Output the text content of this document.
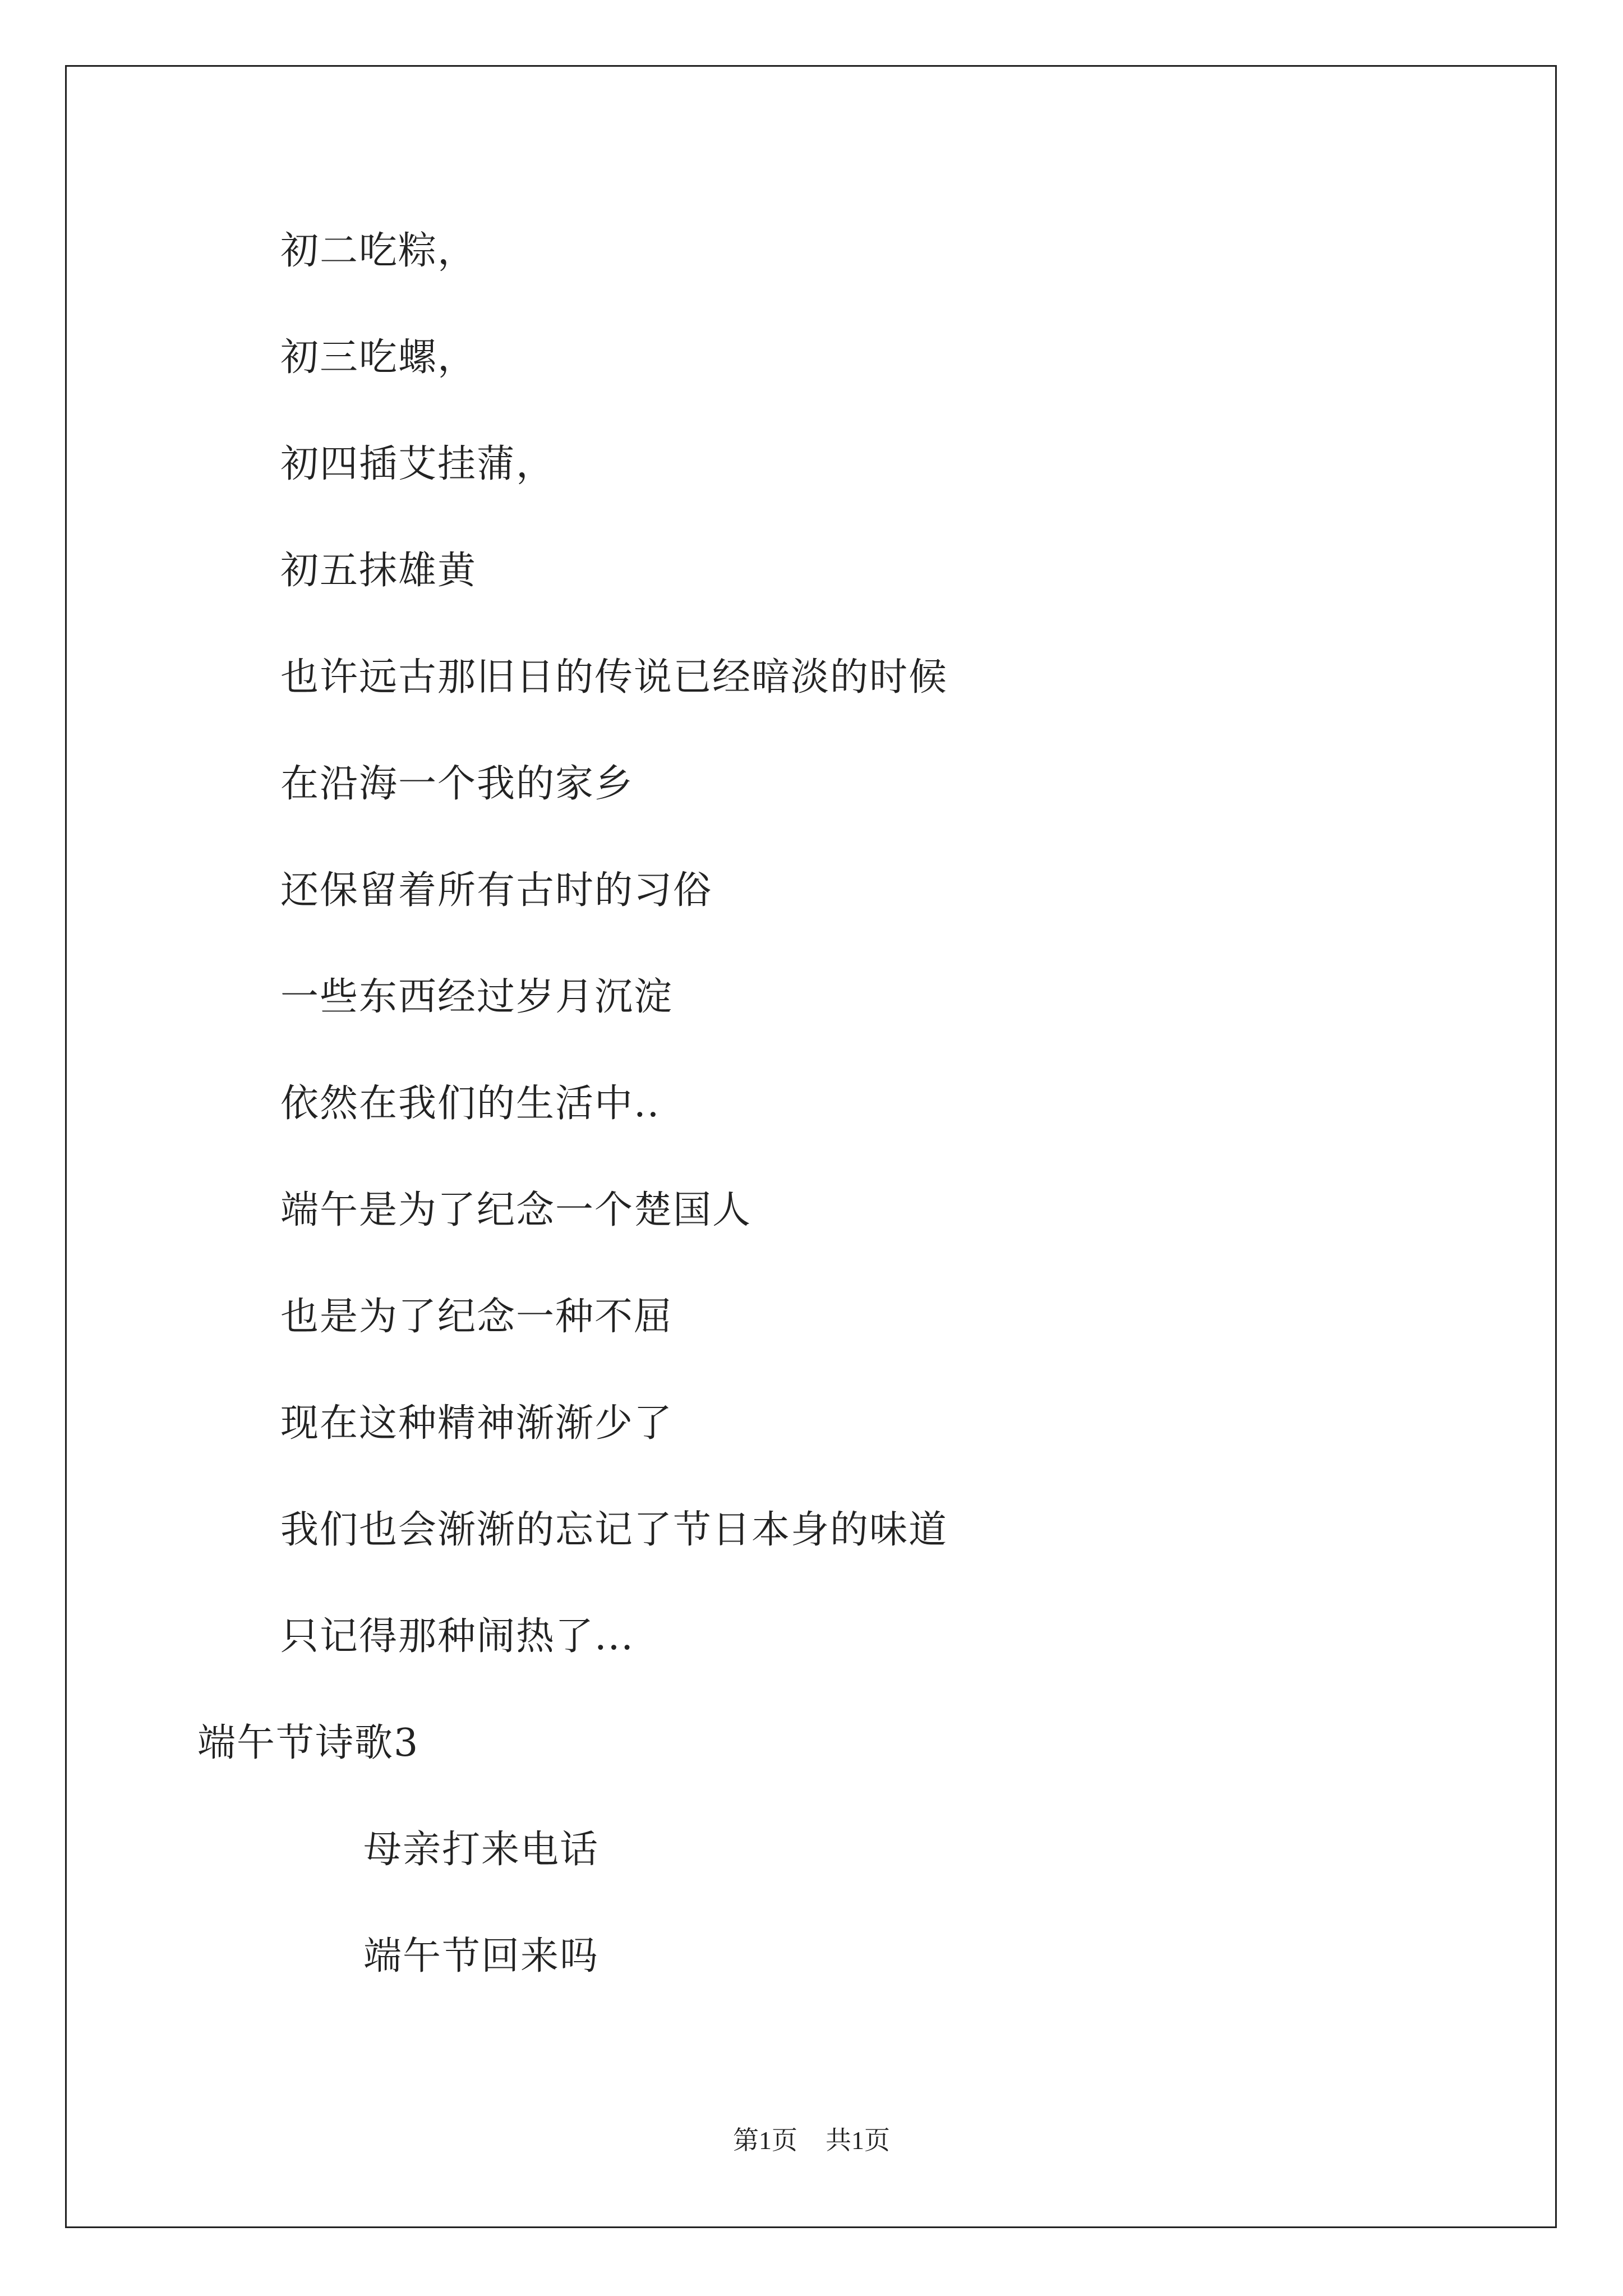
初二吃粽，
初三吃螺，
初四插艾挂蒲，
初五抹雄黄
也许远古那旧日的传说已经暗淡的时候
在沿海一个我的家乡
还保留着所有古时的习俗
一些东西经过岁月沉淀
依然在我们的生活中..
端午是为了纪念一个楚国人
也是为了纪念一种不屈
现在这种精神渐渐少了
我们也会渐渐的忘记了节日本身的味道
只记得那种闹热了...
端午节诗歌3
母亲打来电话
端午节回来吗
第1页 共1页
